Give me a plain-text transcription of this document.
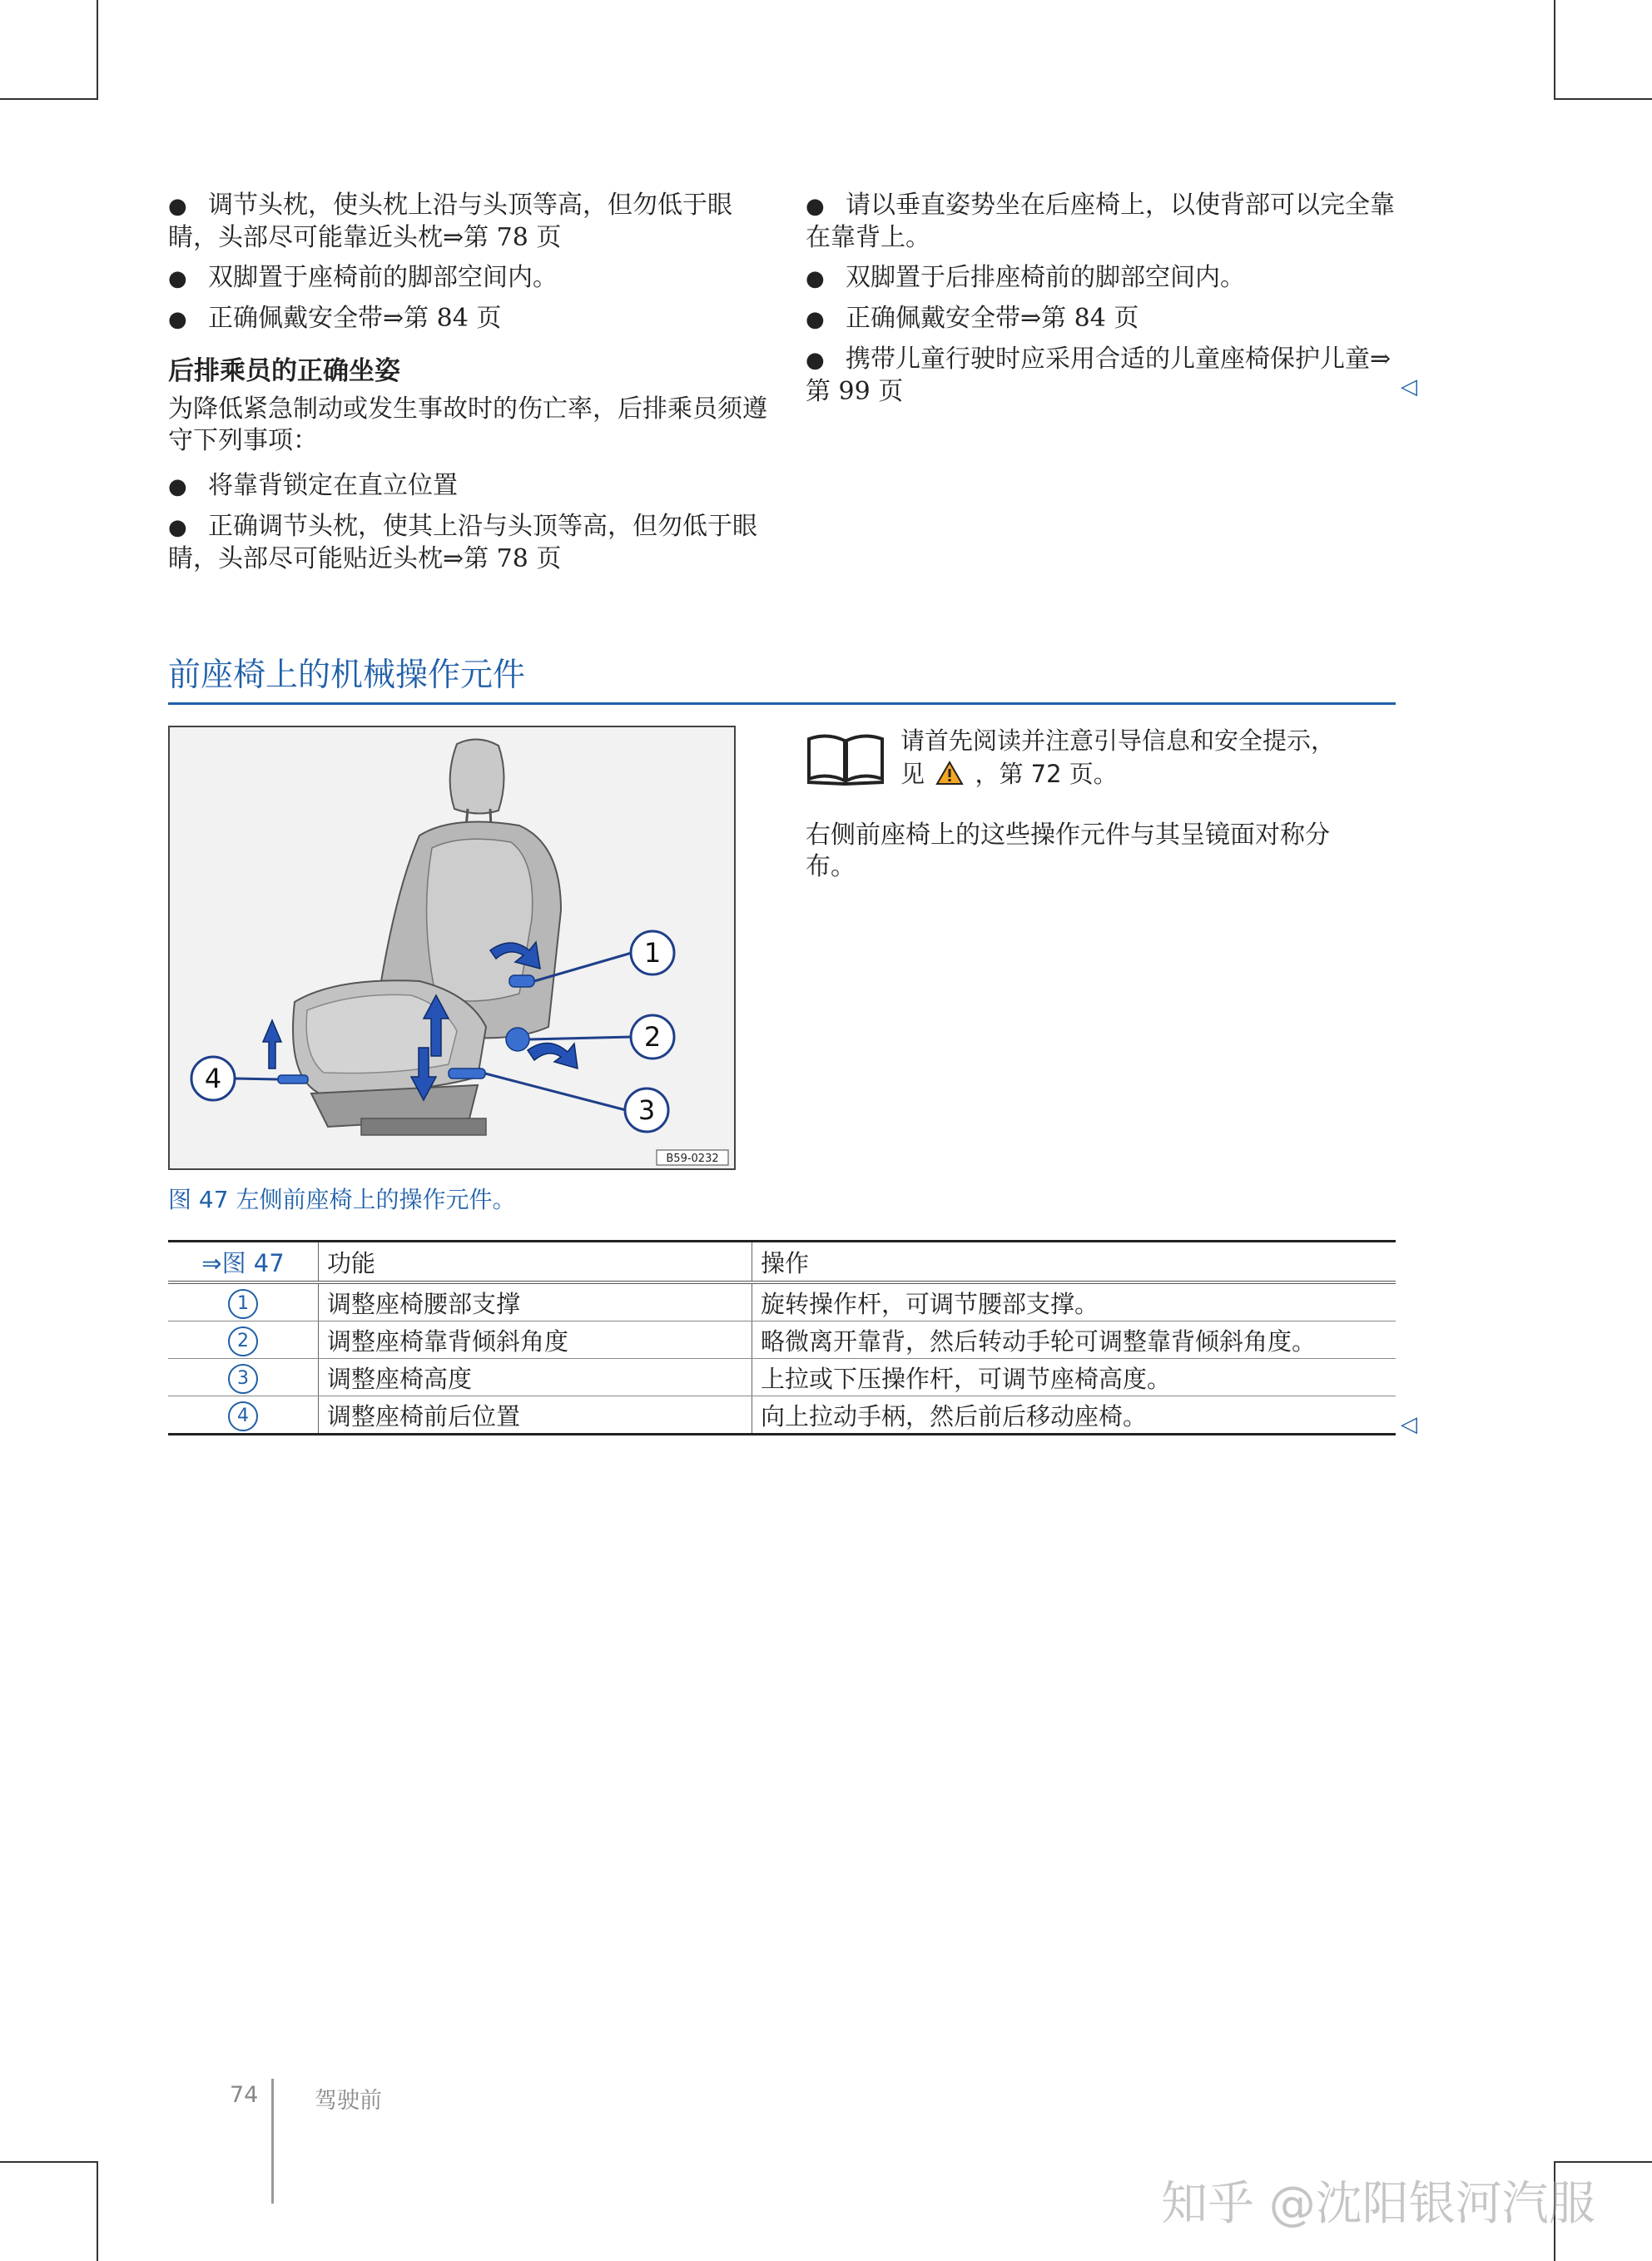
● 调节头枕，使头枕上沿与头顶等高，但勿低于眼睛，头部尽可能靠近头枕⇒第 78 页

● 双脚置于座椅前的脚部空间内。

● 正确佩戴安全带⇒第 84 页

后排乘员的正确坐姿

为降低紧急制动或发生事故时的伤亡率，后排乘员须遵守下列事项：

● 将靠背锁定在直立位置

● 正确调节头枕，使其上沿与头顶等高，但勿低于眼睛，头部尽可能贴近头枕⇒第 78 页

● 请以垂直姿势坐在后座椅上，以使背部可以完全靠在靠背上。

● 双脚置于后排座椅前的脚部空间内。

● 正确佩戴安全带⇒第 84 页

● 携带儿童行驶时应采用合适的儿童座椅保护儿童⇒第 99 页	◁
前座椅上的机械操作元件
1
2
3
4
B59-0232
图 47 左侧前座椅上的操作元件。
请首先阅读并注意引导信息和安全提示，
见 ，第 72 页。
右侧前座椅上的这些操作元件与其呈镜面对称分布。
⇒图 47	功能	操作
1	调整座椅腰部支撑	旋转操作杆，可调节腰部支撑。
2	调整座椅靠背倾斜角度	略微离开靠背，然后转动手轮可调整靠背倾斜角度。
3	调整座椅高度	上拉或下压操作杆，可调节座椅高度。
4	调整座椅前后位置	向上拉动手柄，然后前后移动座椅。	◁
74	驾驶前
知乎 @沈阳银河汽服
